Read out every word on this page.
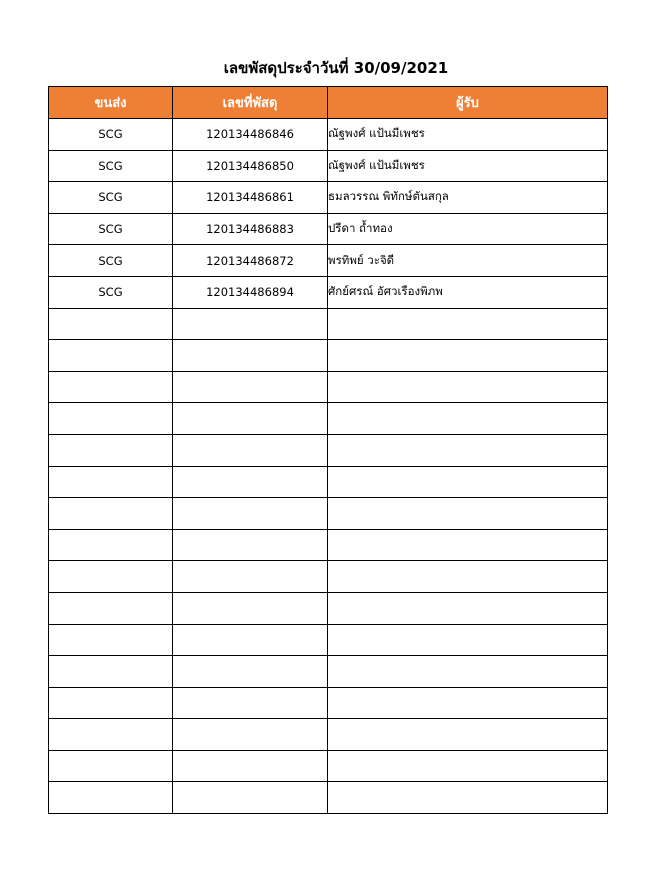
เลขพัสดุประจำวันที่ 30/09/2021
ขนส่ง	เลขที่พัสดุ	ผู้รับ
SCG	120134486846	ณัฐพงศ์ แป้นมีเพชร
SCG	120134486850	ณัฐพงศ์ แป้นมีเพชร
SCG	120134486861	ธมลวรรณ พิทักษ์ตันสกุล
SCG	120134486883	ปรีดา ถ้ำทอง
SCG	120134486872	พรทิพย์ วะจิดี
SCG	120134486894	ศักย์ศรณ์ อัศวเรืองพิภพ
